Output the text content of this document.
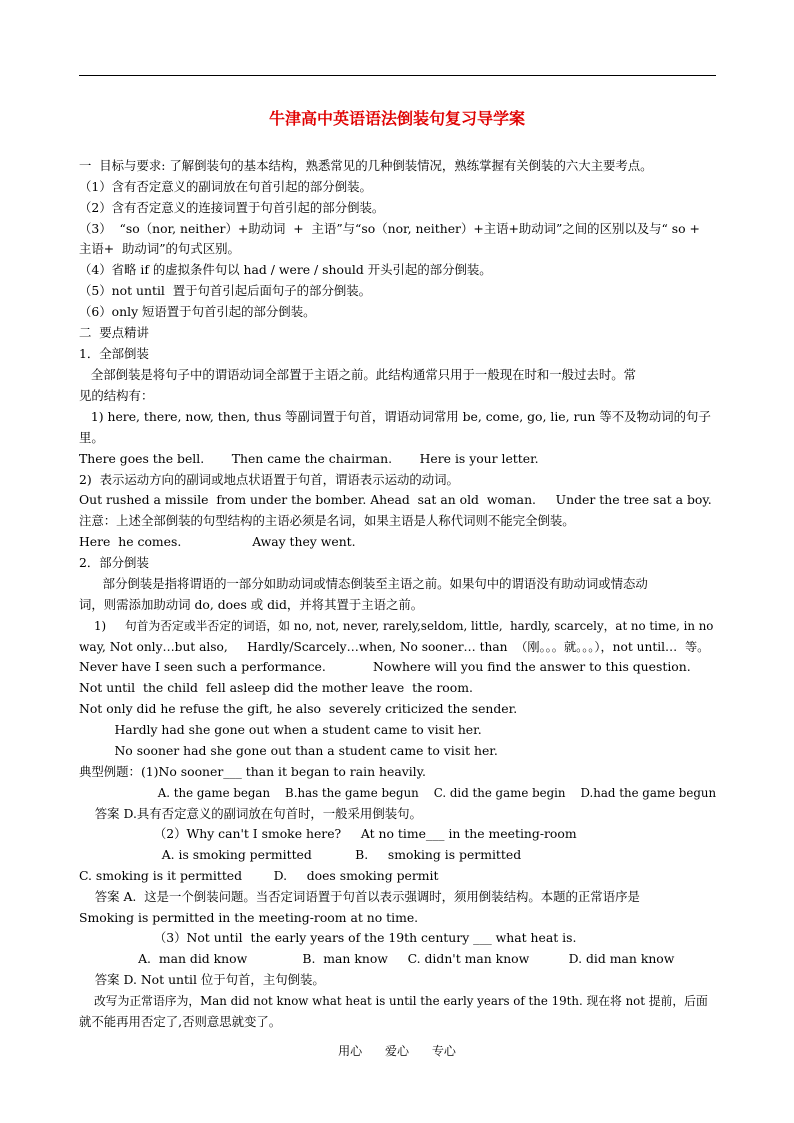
牛津高中英语语法倒装句复习导学案
一  目标与要求: 了解倒装句的基本结构，熟悉常见的几种倒装情况，熟练掌握有关倒装的六大主要考点。
（1）含有否定意义的副词放在句首引起的部分倒装。
（2）含有否定意义的连接词置于句首引起的部分倒装。
（3）  “so（nor, neither）+助动词  +  主语”与“so（nor, neither）+主语+助动词”之间的区别以及与“ so +
主语+  助动词”的句式区别。
（4）省略 if 的虚拟条件句以 had / were / should 开头引起的部分倒装。
（5）not until  置于句首引起后面句子的部分倒装。
（6）only 短语置于句首引起的部分倒装。
二  要点精讲
1．全部倒装
全部倒装是将句子中的谓语动词全部置于主语之前。此结构通常只用于一般现在时和一般过去时。常
见的结构有：
1) here, there, now, then, thus 等副词置于句首，谓语动词常用 be, come, go, lie, run 等不及物动词的句子
里。
There goes the bell.       Then came the chairman.       Here is your letter.
2)  表示运动方向的副词或地点状语置于句首，谓语表示运动的动词。
Out rushed a missile  from under the bomber. Ahead  sat an old  woman.     Under the tree sat a boy.
注意：上述全部倒装的句型结构的主语必须是名词，如果主语是人称代词则不能完全倒装。
Here  he comes.                  Away they went.
2．部分倒装
部分倒装是指将谓语的一部分如助动词或情态倒装至主语之前。如果句中的谓语没有助动词或情态动
词，则需添加助动词 do, does 或 did，并将其置于主语之前。
1)     句首为否定或半否定的词语，如 no, not, never, rarely,seldom, little,  hardly, scarcely，at no time, in no
way, Not only…but also,     Hardly/Scarcely…when, No sooner… than  （刚。。。就。。。），not until…  等。
Never have I seen such a performance.            Nowhere will you find the answer to this question.
Not until  the child  fell asleep did the mother leave  the room.
Not only did he refuse the gift, he also  severely criticized the sender.
Hardly had she gone out when a student came to visit her.
No sooner had she gone out than a student came to visit her.
典型例题：(1)No sooner___ than it began to rain heavily.
A. the game began    B.has the game begun    C. did the game begin    D.had the game begun
答案 D.具有否定意义的副词放在句首时，一般采用倒装句。
（2）Why can't I smoke here?     At no time___ in the meeting-room
A. is smoking permitted           B.     smoking is permitted
C. smoking is it permitted        D.     does smoking permit
答案 A.  这是一个倒装问题。当否定词语置于句首以表示强调时，须用倒装结构。本题的正常语序是
Smoking is permitted in the meeting-room at no time.
（3）Not until  the early years of the 19th century ___ what heat is.
A.  man did know              B.  man know     C. didn't man know          D. did man know
答案 D. Not until 位于句首，主句倒装。
改写为正常语序为，Man did not know what heat is until the early years of the 19th. 现在将 not 提前，后面
就不能再用否定了,否则意思就变了。
用心      爱心      专心
